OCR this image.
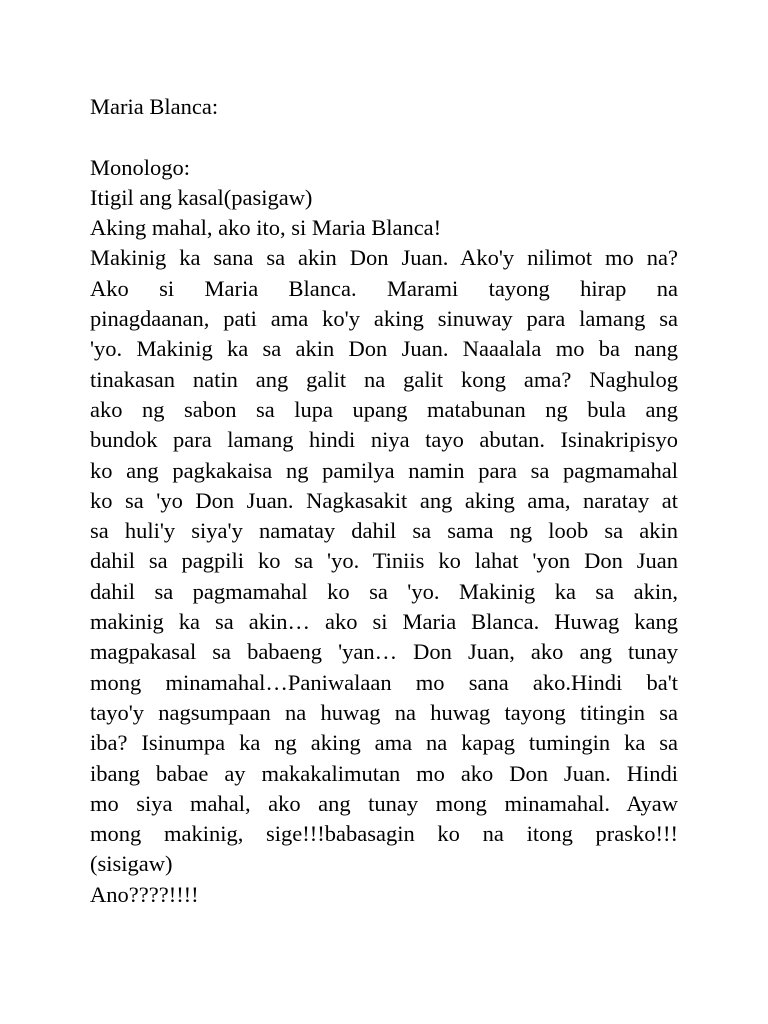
Maria Blanca:
Monologo:
Itigil ang kasal(pasigaw)
Aking mahal, ako ito, si Maria Blanca!
Makinig ka sana sa akin Don Juan. Ako'y nilimot mo na?
Ako si Maria Blanca. Marami tayong hirap na
pinagdaanan, pati ama ko'y aking sinuway para lamang sa
'yo. Makinig ka sa akin Don Juan. Naaalala mo ba nang
tinakasan natin ang galit na galit kong ama? Naghulog
ako ng sabon sa lupa upang matabunan ng bula ang
bundok para lamang hindi niya tayo abutan. Isinakripisyo
ko ang pagkakaisa ng pamilya namin para sa pagmamahal
ko sa 'yo Don Juan. Nagkasakit ang aking ama, naratay at
sa huli'y siya'y namatay dahil sa sama ng loob sa akin
dahil sa pagpili ko sa 'yo. Tiniis ko lahat 'yon Don Juan
dahil sa pagmamahal ko sa 'yo. Makinig ka sa akin,
makinig ka sa akin… ako si Maria Blanca. Huwag kang
magpakasal sa babaeng 'yan… Don Juan, ako ang tunay
mong minamahal…Paniwalaan mo sana ako.Hindi ba't
tayo'y nagsumpaan na huwag na huwag tayong titingin sa
iba? Isinumpa ka ng aking ama na kapag tumingin ka sa
ibang babae ay makakalimutan mo ako Don Juan. Hindi
mo siya mahal, ako ang tunay mong minamahal. Ayaw
mong makinig, sige!!!babasagin ko na itong prasko!!!
(sisigaw)
Ano????!!!!
